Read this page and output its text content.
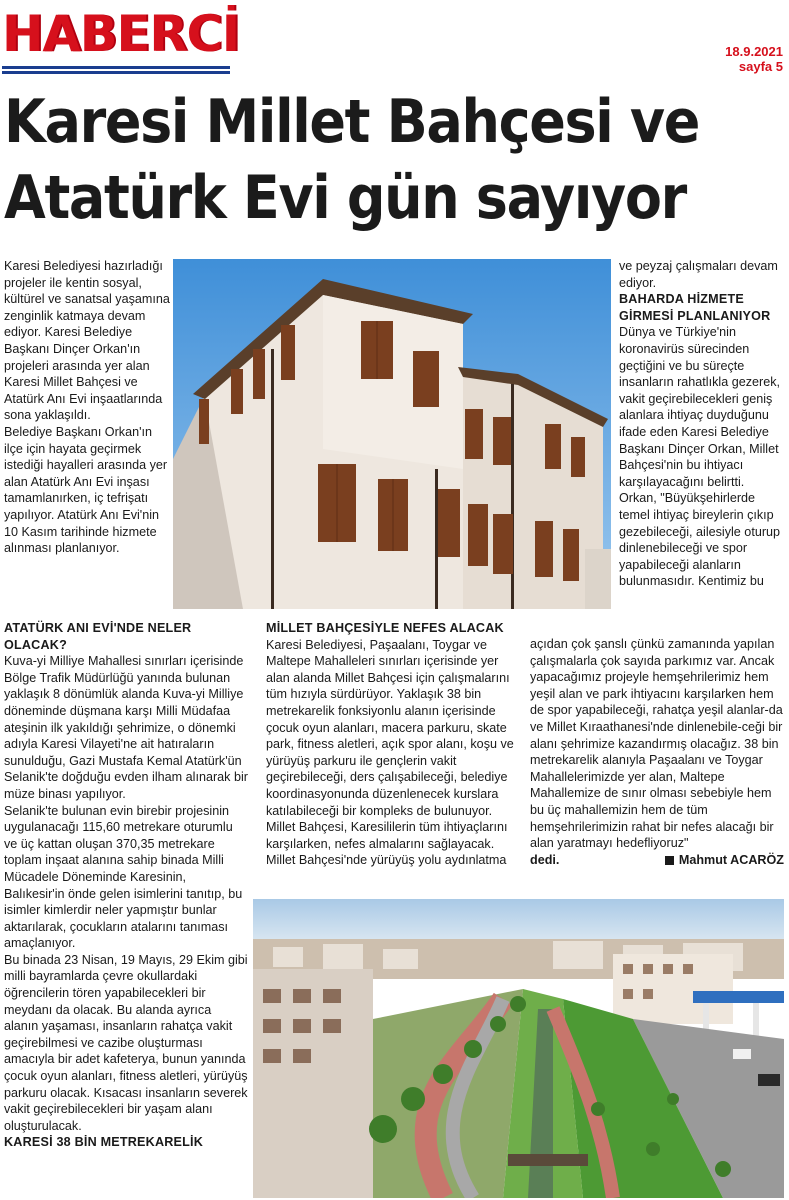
HABERCİ	18.9.2021
sayfa 5
Karesi Millet Bahçesi ve
Atatürk Evi gün sayıyor

Karesi Belediyesi hazırladığı projeler ile kentin sosyal, kültürel ve sanatsal yaşamına zenginlik katmaya devam ediyor. Karesi Belediye Başkanı Dinçer Orkan'ın projeleri arasında yer alan Karesi Millet Bahçesi ve Atatürk Anı Evi inşaatlarında sona yaklaşıldı.

Belediye Başkanı Orkan'ın ilçe için hayata geçirmek istediği hayalleri arasında yer alan Atatürk Anı Evi inşası tamamlanırken, iç tefrişatı yapılıyor. Atatürk Anı Evi'nin 10 Kasım tarihinde hizmete alınması planlanıyor.

ve peyzaj çalışmaları devam ediyor.

BAHARDA HİZMETE GİRMESİ PLANLANIYOR

Dünya ve Türkiye'nin koronavirüs sürecinden geçtiğini ve bu süreçte insanların rahatlıkla gezerek, vakit geçirebilecekleri geniş alanlara ihtiyaç duyduğunu ifade eden Karesi Belediye Başkanı Dinçer Orkan, Millet Bahçesi'nin bu ihtiyacı karşılayacağını belirtti. Orkan, "Büyükşehirlerde temel ihtiyaç bireylerin çıkıp gezebileceği, ailesiyle oturup dinlenebileceği ve spor yapabileceği alanların bulunmasıdır. Kentimiz bu

ATATÜRK ANI EVİ'NDE NELER OLACAK?

Kuva-yi Milliye Mahallesi sınırları içerisinde Bölge Trafik Müdürlüğü yanında bulunan yaklaşık 8 dönümlük alanda Kuva-yi Milliye döneminde düşmana karşı Milli Müdafaa ateşinin ilk yakıldığı şehrimize, o dönemki adıyla Karesi Vilayeti'ne ait hatıraların sunulduğu, Gazi Mustafa Kemal Atatürk'ün Selanik'te doğduğu evden ilham alınarak bir müze binası yapılıyor.

Selanik'te bulunan evin birebir projesinin uygulanacağı 115,60 metrekare oturumlu ve üç kattan oluşan 370,35 metrekare toplam inşaat alanına sahip binada Milli Mücadele Döneminde Karesinin, Balıkesir'in önde gelen isimlerini tanıtıp, bu isimler kimlerdir neler yapmıştır bunlar aktarılarak, çocukların atalarını tanıması amaçlanıyor.

Bu binada 23 Nisan, 19 Mayıs, 29 Ekim gibi milli bayramlarda çevre okullardaki öğrencilerin tören yapabilecekleri bir meydanı da olacak. Bu alanda ayrıca alanın yaşaması, insanların rahatça vakit geçirebilmesi ve cazibe oluşturması amacıyla bir adet kafeterya, bunun yanında çocuk oyun alanları, fitness aletleri, yürüyüş parkuru olacak. Kısacası insanların severek vakit geçirebilecekleri bir yaşam alanı oluşturulacak.

KARESİ 38 BİN METREKARELİK

MİLLET BAHÇESİYLE NEFES ALACAK

Karesi Belediyesi, Paşaalanı, Toygar ve Maltepe Mahalleleri sınırları içerisinde yer alan alanda Millet Bahçesi için çalışmalarını tüm hızıyla sürdürüyor. Yaklaşık 38 bin metrekarelik fonksiyonlu alanın içerisinde çocuk oyun alanları, macera parkuru, skate park, fitness aletleri, açık spor alanı, koşu ve yürüyüş parkuru ile gençlerin vakit geçirebileceği, ders çalışabileceği, belediye koordinasyonunda düzenlenecek kurslara katılabileceği bir kompleks de bulunuyor.

Millet Bahçesi, Karesililerin tüm ihtiyaçlarını karşılarken, nefes almalarını sağlayacak. Millet Bahçesi'nde yürüyüş yolu aydınlatma

açıdan çok şanslı çünkü zamanında yapılan çalışmalarla çok sayıda parkımız var. Ancak yapacağımız projeyle hemşehrilerimiz hem yeşil alan ve park ihtiyacını karşılarken hem de spor yapabileceği, rahatça yeşil alanlar-da ve Millet Kıraathanesi'nde dinlenebile-ceği bir alanı şehrimize kazandırmış olacağız. 38 bin metrekarelik alanıyla Paşaalanı ve Toygar Mahallelerimizde yer alan, Maltepe Mahallemize de sınır olması sebebiyle hem bu üç mahallemizin hem de tüm hemşehrilerimizin rahat bir nefes alacağı bir alan yaratmayı hedefliyoruz"

dedi.	Mahmut ACARÖZ
